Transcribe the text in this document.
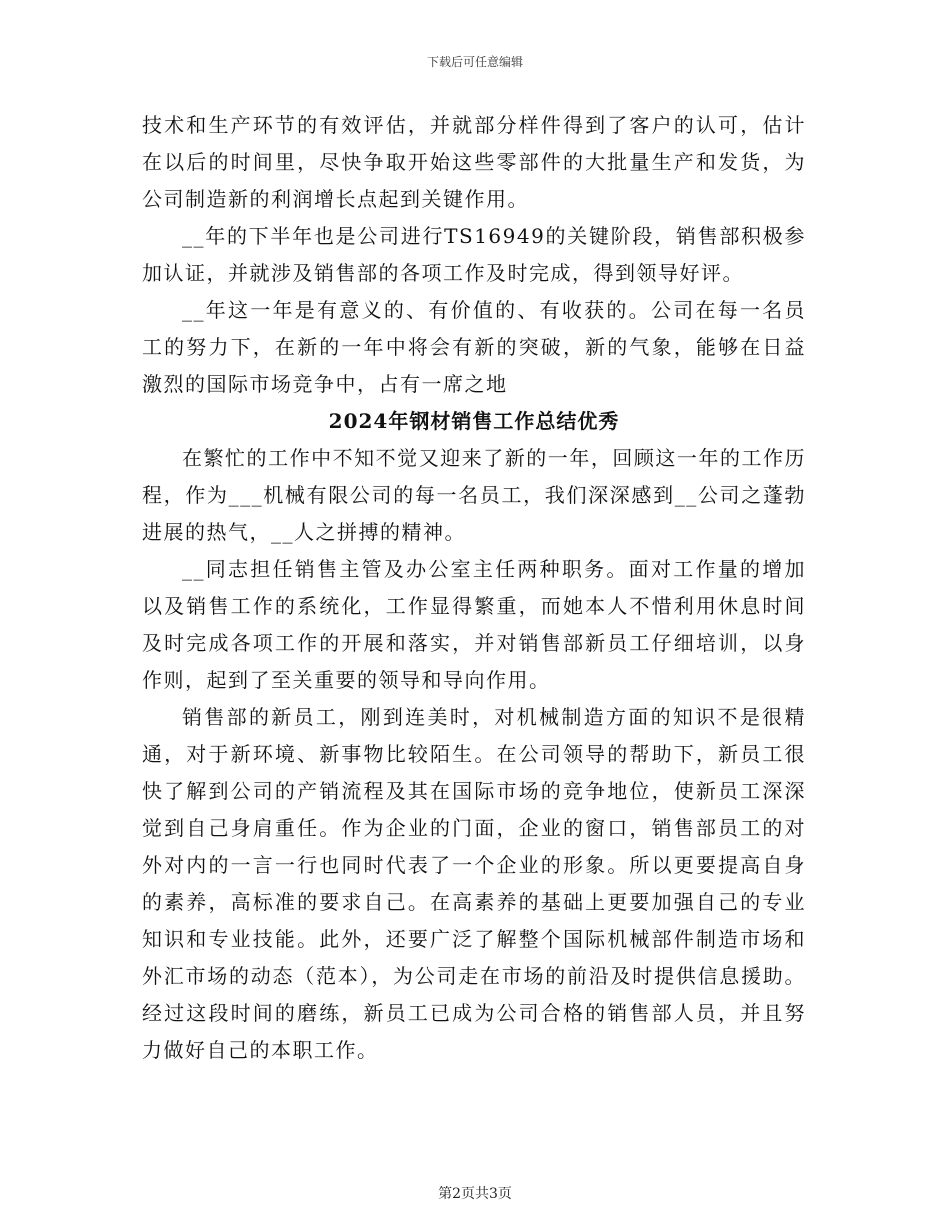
下载后可任意编辑

技术和生产环节的有效评估，并就部分样件得到了客户的认可，估计在以后的时间里，尽快争取开始这些零部件的大批量生产和发货，为公司制造新的利润增长点起到关键作用。

__年的下半年也是公司进行TS16949的关键阶段，销售部积极参加认证，并就涉及销售部的各项工作及时完成，得到领导好评。

__年这一年是有意义的、有价值的、有收获的。公司在每一名员工的努力下，在新的一年中将会有新的突破，新的气象，能够在日益激烈的国际市场竞争中，占有一席之地

2024年钢材销售工作总结优秀

在繁忙的工作中不知不觉又迎来了新的一年，回顾这一年的工作历程，作为___机械有限公司的每一名员工，我们深深感到__公司之蓬勃进展的热气，__人之拼搏的精神。

__同志担任销售主管及办公室主任两种职务。面对工作量的增加以及销售工作的系统化，工作显得繁重，而她本人不惜利用休息时间及时完成各项工作的开展和落实，并对销售部新员工仔细培训，以身作则，起到了至关重要的领导和导向作用。

销售部的新员工，刚到连美时，对机械制造方面的知识不是很精通，对于新环境、新事物比较陌生。在公司领导的帮助下，新员工很快了解到公司的产销流程及其在国际市场的竞争地位，使新员工深深觉到自己身肩重任。作为企业的门面，企业的窗口，销售部员工的对外对内的一言一行也同时代表了一个企业的形象。所以更要提高自身的素养，高标准的要求自己。在高素养的基础上更要加强自己的专业知识和专业技能。此外，还要广泛了解整个国际机械部件制造市场和外汇市场的动态（范本），为公司走在市场的前沿及时提供信息援助。经过这段时间的磨练，新员工已成为公司合格的销售部人员，并且努力做好自己的本职工作。

第2页共3页
